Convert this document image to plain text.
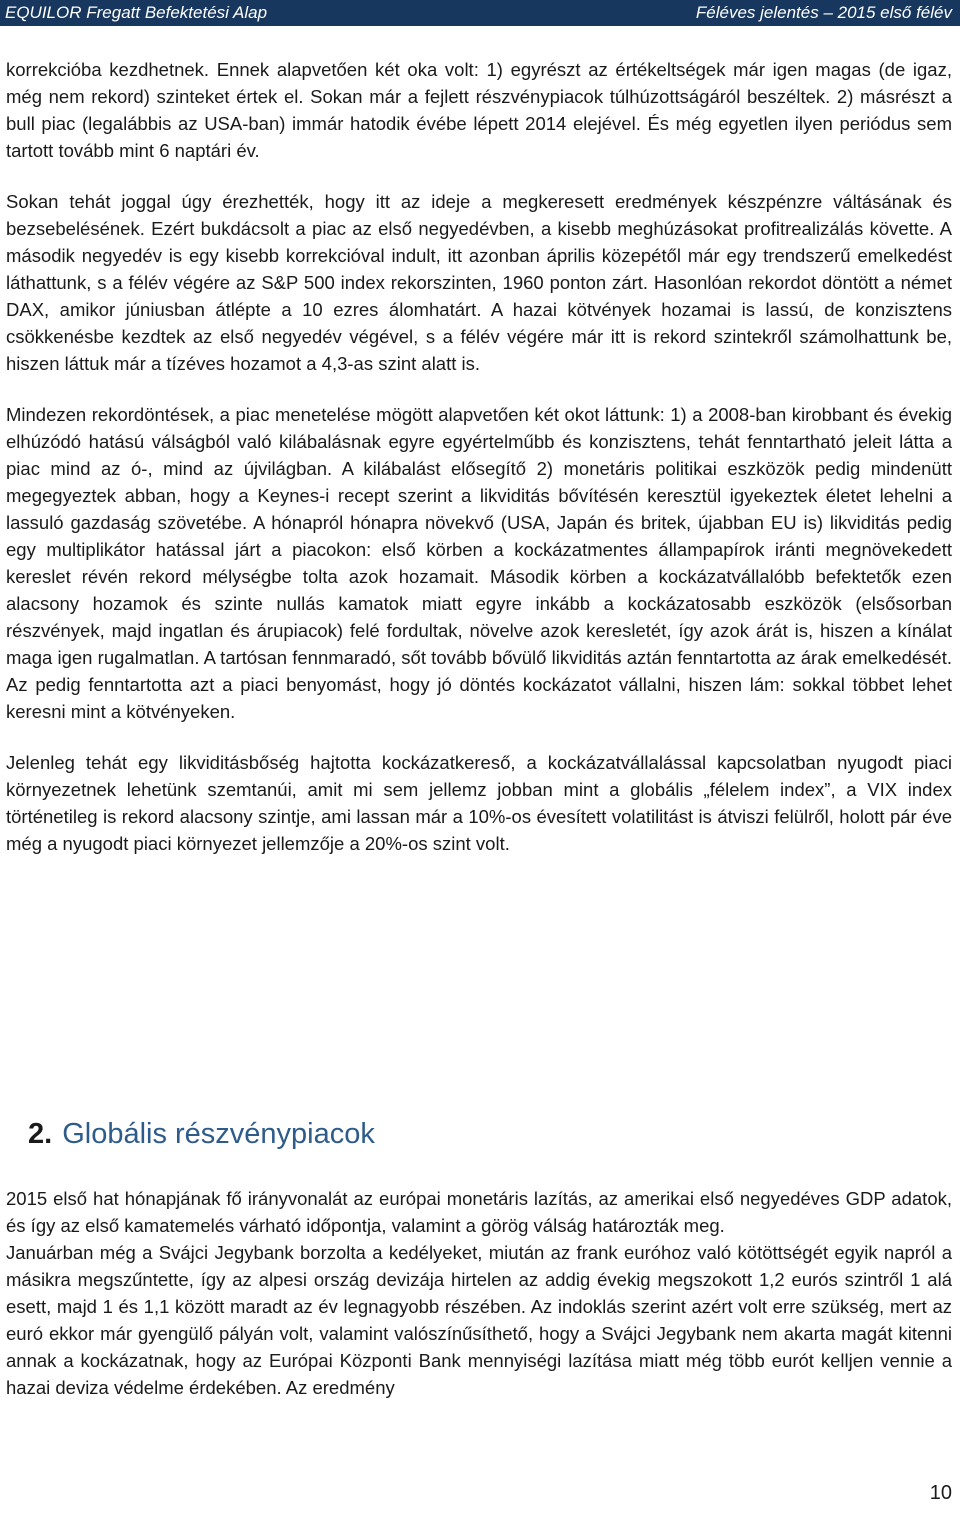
EQUILOR Fregatt Befektetési Alap	Féléves jelentés – 2015 első félév

korrekcióba kezdhetnek. Ennek alapvetően két oka volt: 1) egyrészt az értékeltségek már igen magas (de igaz, még nem rekord) szinteket értek el. Sokan már a fejlett részvénypiacok túlhúzottságáról beszéltek. 2) másrészt a bull piac (legalábbis az USA-ban) immár hatodik évébe lépett 2014 elejével. És még egyetlen ilyen periódus sem tartott tovább mint 6 naptári év.

Sokan tehát joggal úgy érezhették, hogy itt az ideje a megkeresett eredmények készpénzre váltásának és bezsebelésének. Ezért bukdácsolt a piac az első negyedévben, a kisebb meghúzásokat profitrealizálás követte. A második negyedév is egy kisebb korrekcióval indult, itt azonban április közepétől már egy trendszerű emelkedést láthattunk, s a félév végére az S&P 500 index rekorszinten, 1960 ponton zárt. Hasonlóan rekordot döntött a német DAX, amikor júniusban átlépte a 10 ezres álomhatárt. A hazai kötvények hozamai is lassú, de konzisztens csökkenésbe kezdtek az első negyedév végével, s a félév végére már itt is rekord szintekről számolhattunk be, hiszen láttuk már a tízéves hozamot a 4,3-as szint alatt is.

Mindezen rekordöntések, a piac menetelése mögött alapvetően két okot láttunk: 1) a 2008-ban kirobbant és évekig elhúzódó hatású válságból való kilábalásnak egyre egyértelműbb és konzisztens, tehát fenntartható jeleit látta a piac mind az ó-, mind az újvilágban. A kilábalást elősegítő 2) monetáris politikai eszközök pedig mindenütt megegyeztek abban, hogy a Keynes-i recept szerint a likviditás bővítésén keresztül igyekeztek életet lehelni a lassuló gazdaság szövetébe. A hónapról hónapra növekvő (USA, Japán és britek, újabban EU is) likviditás pedig egy multiplikátor hatással járt a piacokon: első körben a kockázatmentes állampapírok iránti megnövekedett kereslet révén rekord mélységbe tolta azok hozamait. Második körben a kockázatvállalóbb befektetők ezen alacsony hozamok és szinte nullás kamatok miatt egyre inkább a kockázatosabb eszközök (elsősorban részvények, majd ingatlan és árupiacok) felé fordultak, növelve azok keresletét, így azok árát is, hiszen a kínálat maga igen rugalmatlan. A tartósan fennmaradó, sőt tovább bővülő likviditás aztán fenntartotta az árak emelkedését. Az pedig fenntartotta azt a piaci benyomást, hogy jó döntés kockázatot vállalni, hiszen lám: sokkal többet lehet keresni mint a kötvényeken.

Jelenleg tehát egy likviditásbőség hajtotta kockázatkereső, a kockázatvállalással kapcsolatban nyugodt piaci környezetnek lehetünk szemtanúi, amit mi sem jellemz jobban mint a globális „félelem index”, a VIX index történetileg is rekord alacsony szintje, ami lassan már a 10%-os évesített volatilitást is átviszi felülről, holott pár éve még a nyugodt piaci környezet jellemzője a 20%-os szint volt.

2. Globális részvénypiacok

2015 első hat hónapjának fő irányvonalát az európai monetáris lazítás, az amerikai első negyedéves GDP adatok, és így az első kamatemelés várható időpontja, valamint a görög válság határozták meg.

Januárban még a Svájci Jegybank borzolta a kedélyeket, miután az frank euróhoz való kötöttségét egyik napról a másikra megszűntette, így az alpesi ország devizája hirtelen az addig évekig megszokott 1,2 eurós szintről 1 alá esett, majd 1 és 1,1 között maradt az év legnagyobb részében. Az indoklás szerint azért volt erre szükség, mert az euró ekkor már gyengülő pályán volt, valamint valószínűsíthető, hogy a Svájci Jegybank nem akarta magát kitenni annak a kockázatnak, hogy az Európai Központi Bank mennyiségi lazítása miatt még több eurót kelljen vennie a hazai deviza védelme érdekében. Az eredmény

10
